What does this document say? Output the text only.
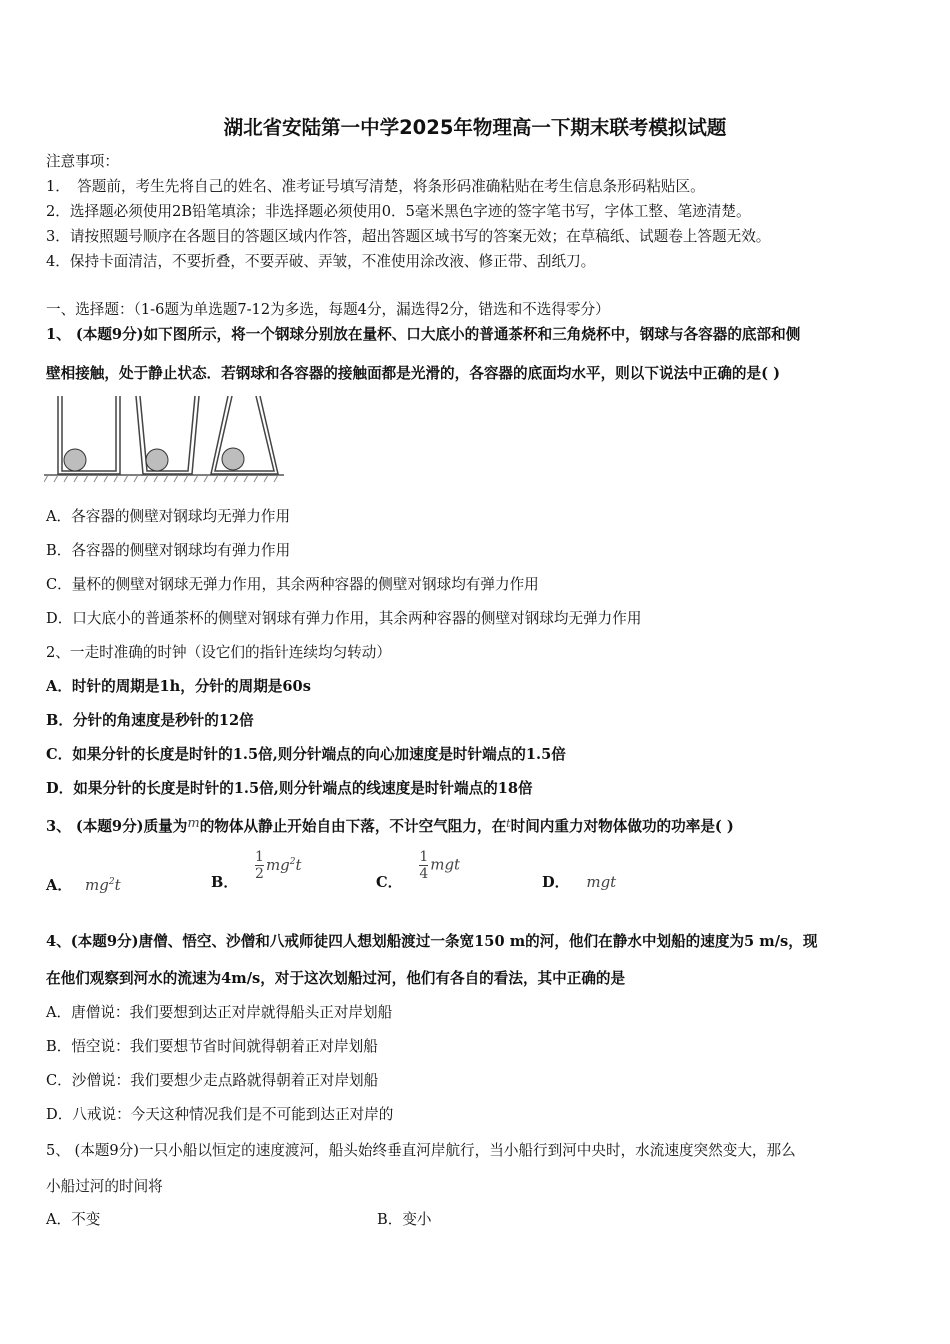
湖北省安陆第一中学2025年物理高一下期末联考模拟试题
注意事项：
1．　答题前，考生先将自己的姓名、准考证号填写清楚，将条形码准确粘贴在考生信息条形码粘贴区。
2．选择题必须使用2B铅笔填涂；非选择题必须使用0．5毫米黑色字迹的签字笔书写，字体工整、笔迹清楚。
3．请按照题号顺序在各题目的答题区域内作答，超出答题区域书写的答案无效；在草稿纸、试题卷上答题无效。
4．保持卡面清洁，不要折叠，不要弄破、弄皱，不准使用涂改液、修正带、刮纸刀。
一、选择题：（1-6题为单选题7-12为多选，每题4分，漏选得2分，错选和不选得零分）
1、 (本题9分)如下图所示，将一个钢球分别放在量杯、口大底小的普通茶杯和三角烧杯中，钢球与各容器的底部和侧
壁相接触，处于静止状态．若钢球和各容器的接触面都是光滑的，各容器的底面均水平，则以下说法中正确的是( )
A．各容器的侧壁对钢球均无弹力作用
B．各容器的侧壁对钢球均有弹力作用
C．量杯的侧壁对钢球无弹力作用，其余两种容器的侧壁对钢球均有弹力作用
D．口大底小的普通茶杯的侧壁对钢球有弹力作用，其余两种容器的侧壁对钢球均无弹力作用
2、一走时准确的时钟（设它们的指针连续均匀转动）
A．时针的周期是1h，分针的周期是60s
B．分针的角速度是秒针的12倍
C．如果分针的长度是时针的1.5倍,则分针端点的向心加速度是时针端点的1.5倍
D．如果分针的长度是时针的1.5倍,则分针端点的线速度是时针端点的18倍
3、 (本题9分)质量为m的物体从静止开始自由下落，不计空气阻力，在$^t$时间内重力对物体做功的功率是( )
A． $mg^2t$	B．
$\frac{1}{2} mg^2t$
C．
$\frac{1}{4}$ mgt
D． mgt
4、(本题9分)唐僧、悟空、沙僧和八戒师徒四人想划船渡过一条宽150 m的河，他们在静水中划船的速度为5 m/s，现
在他们观察到河水的流速为4m/s，对于这次划船过河，他们有各自的看法，其中正确的是
A．唐僧说：我们要想到达正对岸就得船头正对岸划船
B．悟空说：我们要想节省时间就得朝着正对岸划船
C．沙僧说：我们要想少走点路就得朝着正对岸划船
D．八戒说：今天这种情况我们是不可能到达正对岸的
5、 (本题9分)一只小船以恒定的速度渡河，船头始终垂直河岸航行，当小船行到河中央时，水流速度突然变大，那么
小船过河的时间将
A．不变	B．变小
